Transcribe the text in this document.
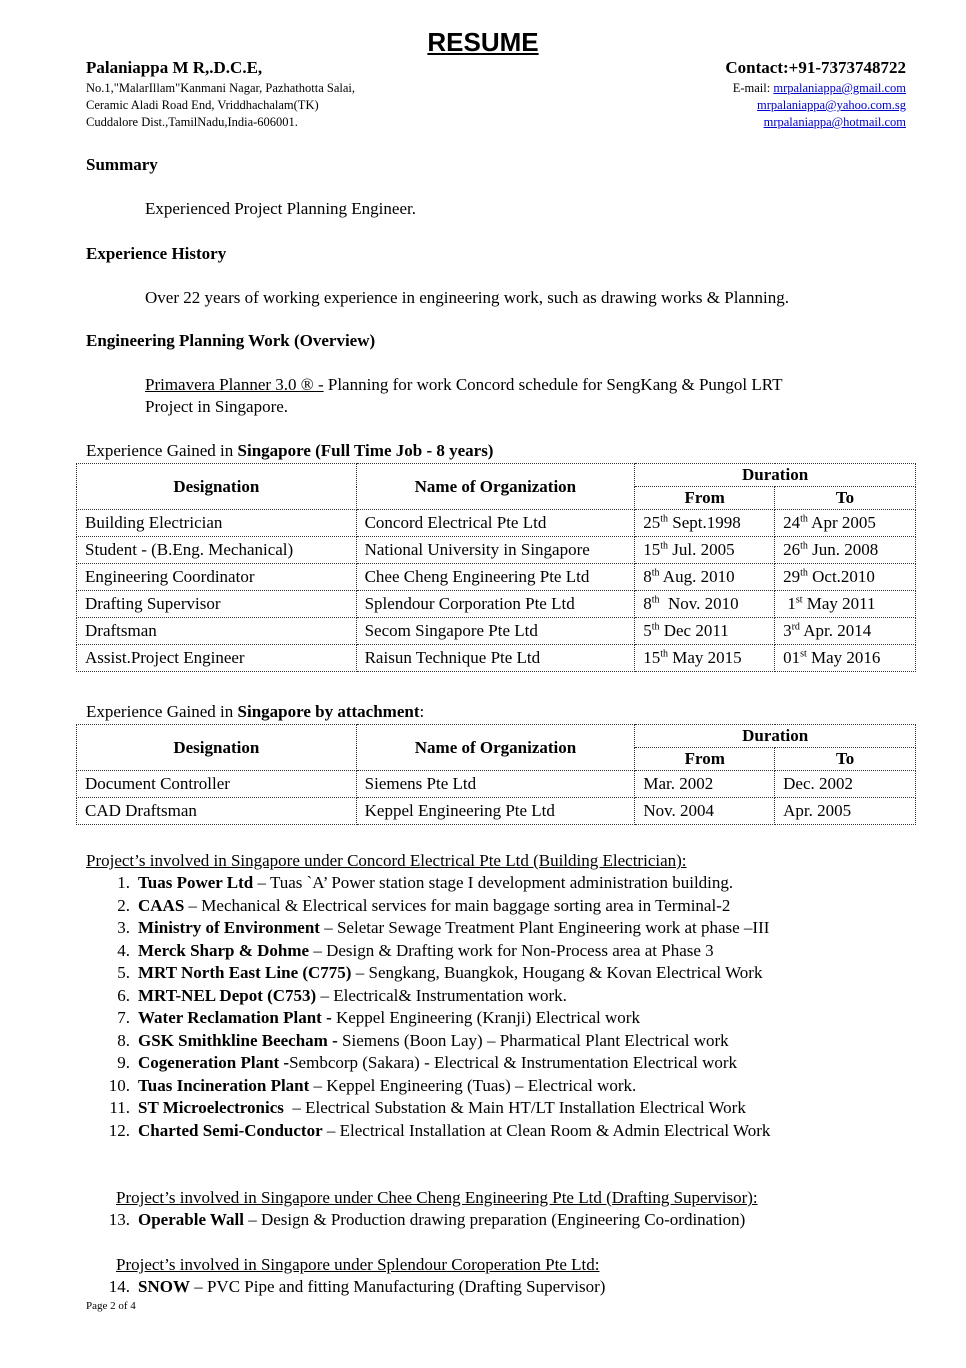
RESUME
Palaniappa M R,.D.C.E,	Contact:+91-7373748722
No.1,"MalarIllam"Kanmani Nagar, Pazhathotta Salai,
Ceramic Aladi Road End, Vriddhachalam(TK)
Cuddalore Dist.,TamilNadu,India-606001.
E-mail: mrpalaniappa@gmail.com
mrpalaniappa@yahoo.com.sg
mrpalaniappa@hotmail.com
Summary
Experienced Project Planning Engineer.
Experience History
Over 22 years of working experience in engineering work, such as drawing works & Planning.
Engineering Planning Work (Overview)
Primavera Planner 3.0 ® - Planning for work Concord schedule for SengKang & Pungol LRT
Project in Singapore.
Experience Gained in Singapore (Full Time Job - 8 years)
Designation	Name of Organization	Duration	
		From	To
Building Electrician	Concord Electrical Pte Ltd	25th Sept.1998	24th Apr 2005
Student - (B.Eng. Mechanical)	National University in Singapore	15th Jul. 2005	26th Jun. 2008
Engineering Coordinator	Chee Cheng Engineering Pte Ltd	8th Aug. 2010	29th Oct.2010
Drafting Supervisor	Splendour Corporation Pte Ltd	8th  Nov. 2010	1st May 2011
Draftsman	Secom Singapore Pte Ltd	5th Dec 2011	3rd Apr. 2014
Assist.Project Engineer	Raisun Technique Pte Ltd	15th May 2015	01st May 2016
Experience Gained in Singapore by attachment:
Designation	Name of Organization	Duration	
		From	To
Document Controller	Siemens Pte Ltd	Mar. 2002	Dec. 2002
CAD Draftsman	Keppel Engineering Pte Ltd	Nov. 2004	Apr. 2005
Project’s involved in Singapore under Concord Electrical Pte Ltd (Building Electrician):
1. Tuas Power Ltd – Tuas `A’ Power station stage I development administration building.
2. CAAS – Mechanical & Electrical services for main baggage sorting area in Terminal-2
3. Ministry of Environment – Seletar Sewage Treatment Plant Engineering work at phase –III
4. Merck Sharp & Dohme – Design & Drafting work for Non-Process area at Phase 3
5. MRT North East Line (C775) – Sengkang, Buangkok, Hougang & Kovan Electrical Work
6. MRT-NEL Depot (C753) – Electrical& Instrumentation work.
7. Water Reclamation Plant - Keppel Engineering (Kranji) Electrical work
8. GSK Smithkline Beecham - Siemens (Boon Lay) – Pharmatical Plant Electrical work
9. Cogeneration Plant -Sembcorp (Sakara) - Electrical & Instrumentation Electrical work
10. Tuas Incineration Plant – Keppel Engineering (Tuas) – Electrical work.
11. ST Microelectronics  – Electrical Substation & Main HT/LT Installation Electrical Work
12. Charted Semi-Conductor – Electrical Installation at Clean Room & Admin Electrical Work
Project’s involved in Singapore under Chee Cheng Engineering Pte Ltd (Drafting Supervisor):
13. Operable Wall – Design & Production drawing preparation (Engineering Co-ordination)
Project’s involved in Singapore under Splendour Coroperation Pte Ltd:
14. SNOW – PVC Pipe and fitting Manufacturing (Drafting Supervisor)
Page 2 of 4
